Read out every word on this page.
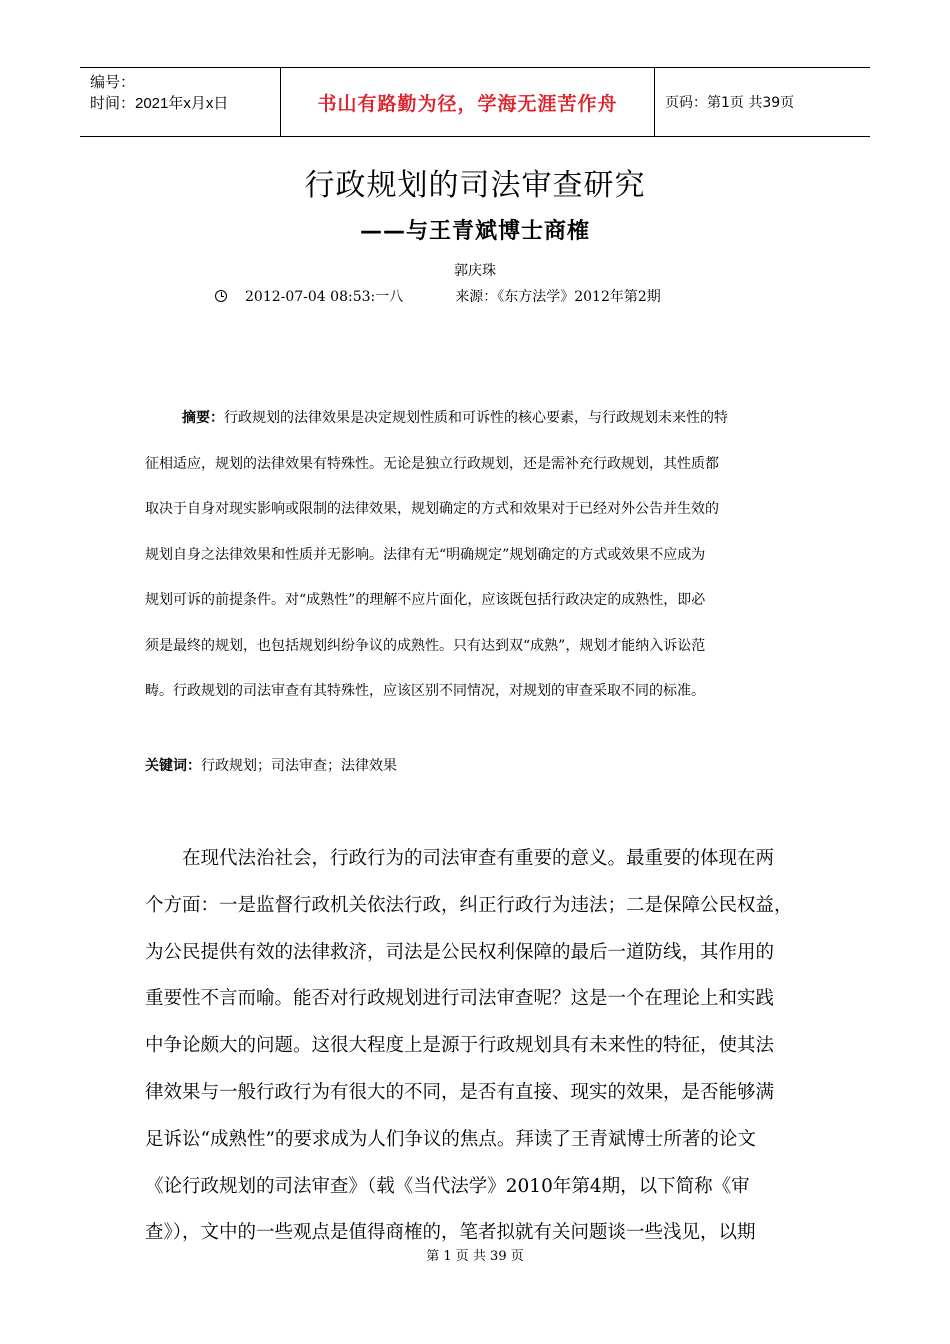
编号：
时间：2021年x月x日	书山有路勤为径，学海无涯苦作舟	页码：第1页 共39页
行政规划的司法审查研究
——与王青斌博士商榷
郭庆珠
2012-07-04 08:53:一八	来源：《东方法学》2012年第2期
摘要：行政规划的法律效果是决定规划性质和可诉性的核心要素，与行政规划未来性的特
征相适应，规划的法律效果有特殊性。无论是独立行政规划，还是需补充行政规划，其性质都
取决于自身对现实影响或限制的法律效果，规划确定的方式和效果对于已经对外公告并生效的
规划自身之法律效果和性质并无影响。法律有无“明确规定”规划确定的方式或效果不应成为
规划可诉的前提条件。对“成熟性”的理解不应片面化，应该既包括行政决定的成熟性，即必
须是最终的规划，也包括规划纠纷争议的成熟性。只有达到双“成熟”，规划才能纳入诉讼范
畴。行政规划的司法审查有其特殊性，应该区别不同情况，对规划的审查采取不同的标准。
关键词：行政规划；司法审查；法律效果
　　在现代法治社会，行政行为的司法审查有重要的意义。最重要的体现在两
个方面：一是监督行政机关依法行政，纠正行政行为违法；二是保障公民权益，
为公民提供有效的法律救济，司法是公民权利保障的最后一道防线，其作用的
重要性不言而喻。能否对行政规划进行司法审查呢？这是一个在理论上和实践
中争论颇大的问题。这很大程度上是源于行政规划具有未来性的特征，使其法
律效果与一般行政行为有很大的不同，是否有直接、现实的效果，是否能够满
足诉讼“成熟性”的要求成为人们争议的焦点。拜读了王青斌博士所著的论文
《论行政规划的司法审查》（载《当代法学》2010年第4期，以下简称《审
查》），文中的一些观点是值得商榷的，笔者拟就有关问题谈一些浅见，以期
第 1 页 共 39 页
